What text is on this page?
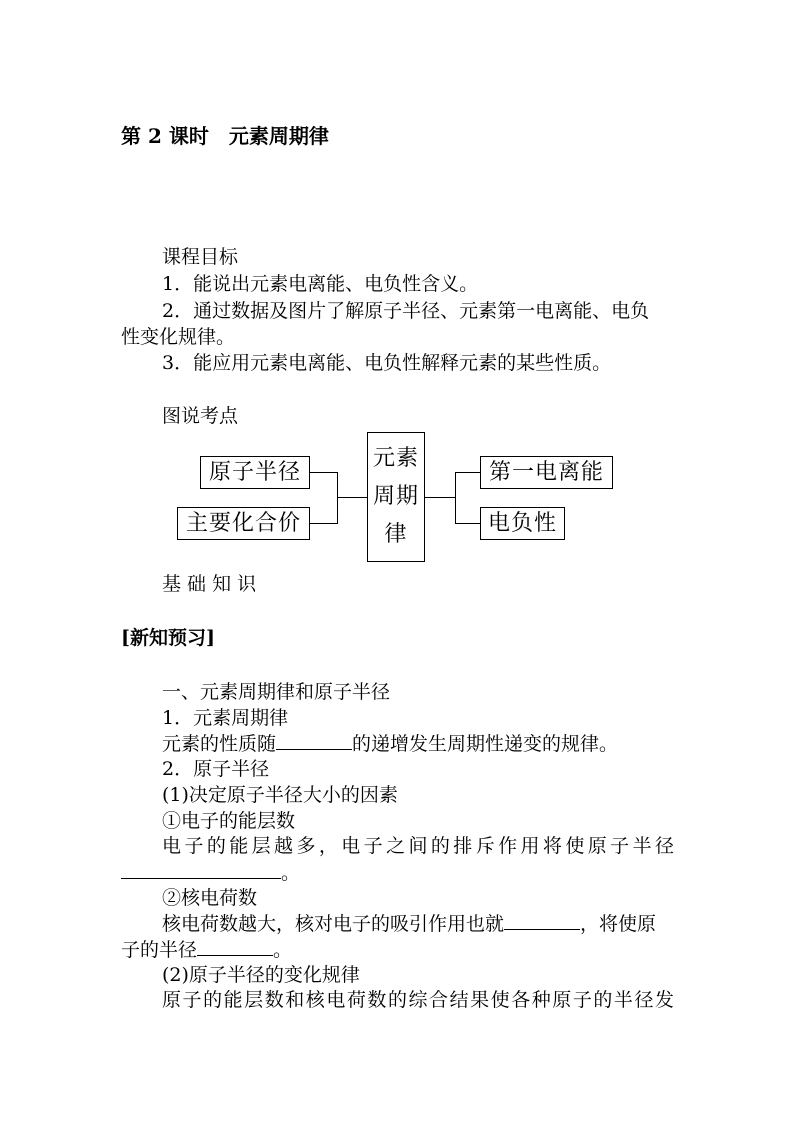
第 2 课时　元素周期律
课程目标
1．能说出元素电离能、电负性含义。
2．通过数据及图片了解原子半径、元素第一电离能、电负
性变化规律。
3．能应用元素电离能、电负性解释元素的某些性质。
图说考点
原子半径
主要化合价
元素
周期
律
第一电离能
电负性
基 础 知 识
[新知预习]
一、元素周期律和原子半径
1．元素周期律
元素的性质随	的递增发生周期性递变的规律。
2．原子半径
(1)决定原子半径大小的因素
①电子的能层数
电子的能层越多，电子之间的排斥作用将使原子半径
。
②核电荷数
核电荷数越大，核对电子的吸引作用也就	，将使原
子的半径	。
(2)原子半径的变化规律
原子的能层数和核电荷数的综合结果使各种原子的半径发
